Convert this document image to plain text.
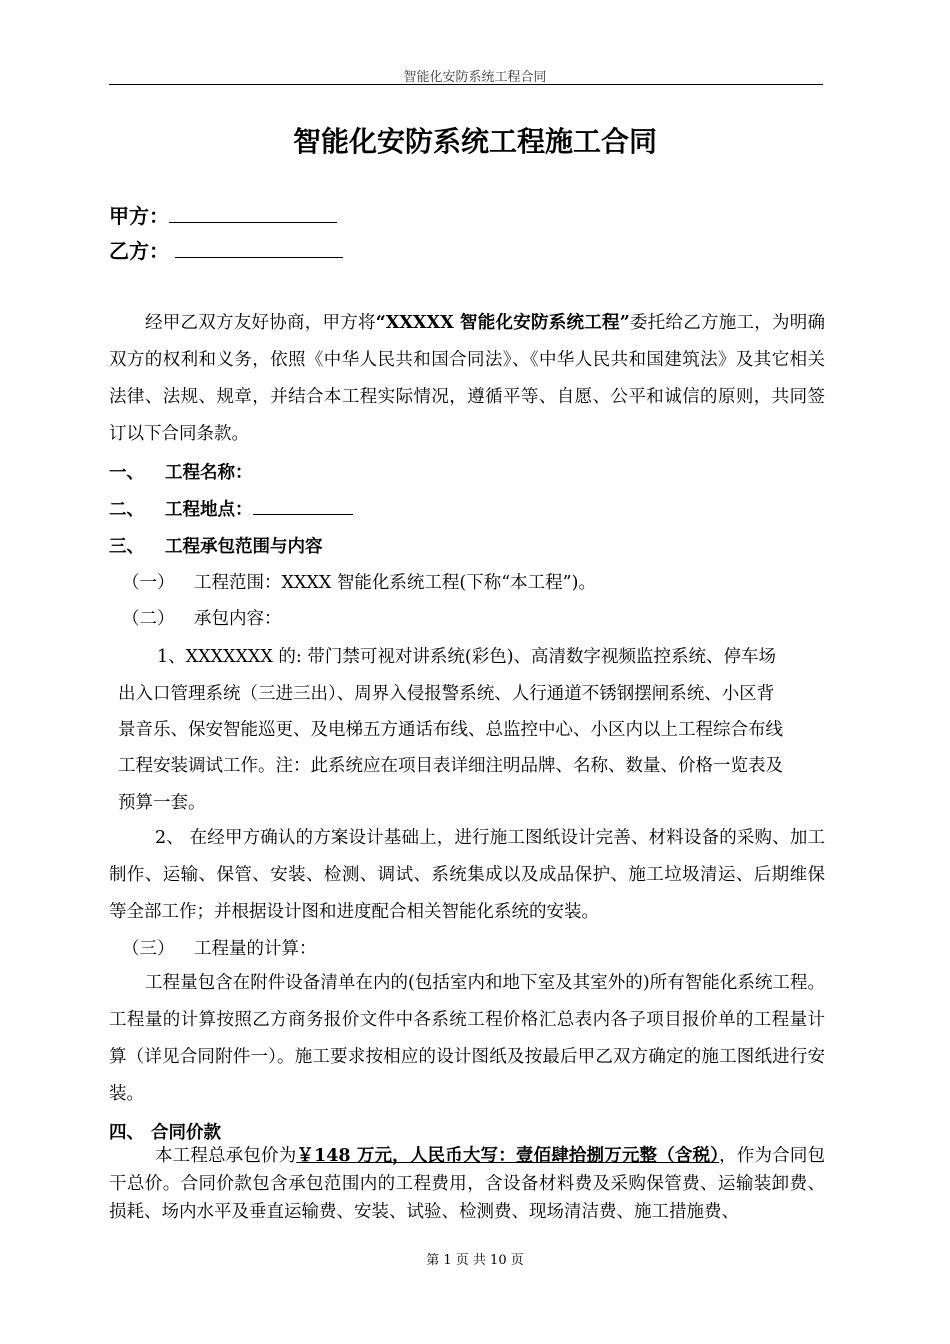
智能化安防系统工程合同
智能化安防系统工程施工合同
甲方：
乙方：
经甲乙双方友好协商，甲方将“XXXXX 智能化安防系统工程”委托给乙方施工，为明确双方的权利和义务，依照《中华人民共和国合同法》、《中华人民共和国建筑法》及其它相关法律、法规、规章，并结合本工程实际情况，遵循平等、自愿、公平和诚信的原则，共同签订以下合同条款。
一、 工程名称：
二、 工程地点：
三、 工程承包范围与内容
（一） 工程范围：XXXX 智能化系统工程(下称“本工程”)。
（二） 承包内容：
1、XXXXXXX 的: 带门禁可视对讲系统(彩色)、高清数字视频监控系统、停车场
出入口管理系统（三进三出）、周界入侵报警系统、人行通道不锈钢摆闸系统、小区背
景音乐、保安智能巡更、及电梯五方通话布线、总监控中心、小区内以上工程综合布线
工程安装调试工作。注：此系统应在项目表详细注明品牌、名称、数量、价格一览表及
预算一套。
2、 在经甲方确认的方案设计基础上，进行施工图纸设计完善、材料设备的采购、加工制作、运输、保管、安装、检测、调试、系统集成以及成品保护、施工垃圾清运、后期维保等全部工作；并根据设计图和进度配合相关智能化系统的安装。
（三） 工程量的计算：
工程量包含在附件设备清单在内的(包括室内和地下室及其室外的)所有智能化系统工程。工程量的计算按照乙方商务报价文件中各系统工程价格汇总表内各子项目报价单的工程量计算（详见合同附件一）。施工要求按相应的设计图纸及按最后甲乙双方确定的施工图纸进行安装。
四、 合同价款
本工程总承包价为￥148 万元，人民币大写：壹佰肆拾捌万元整（含税），作为合同包干总价。合同价款包含承包范围内的工程费用，含设备材料费及采购保管费、运输装卸费、损耗、场内水平及垂直运输费、安装、试验、检测费、现场清洁费、施工措施费、
第 1 页 共 10 页
